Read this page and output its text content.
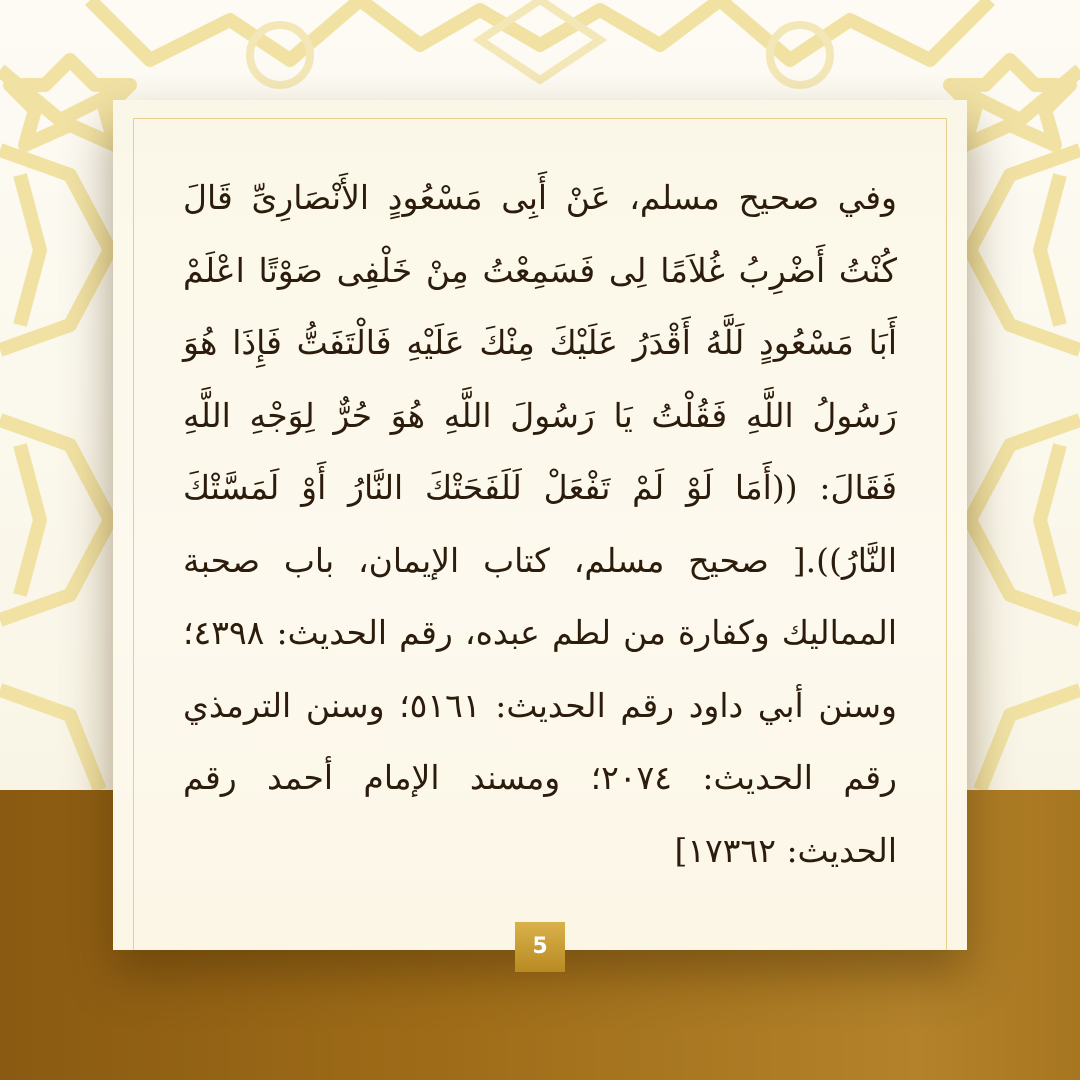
وفي صحيح مسلم، عَنْ أَبِى مَسْعُودٍ الأَنْصَارِىِّ قَالَ كُنْتُ أَضْرِبُ غُلاَمًا لِى فَسَمِعْتُ مِنْ خَلْفِى صَوْتًا اعْلَمْ أَبَا مَسْعُودٍ لَلَّهُ أَقْدَرُ عَلَيْكَ مِنْكَ عَلَيْهِ فَالْتَفَتُّ فَإِذَا هُوَ رَسُولُ اللَّهِ فَقُلْتُ يَا رَسُولَ اللَّهِ هُوَ حُرٌّ لِوَجْهِ اللَّهِ فَقَالَ: ((أَمَا لَوْ لَمْ تَفْعَلْ لَلَفَحَتْكَ النَّارُ أَوْ لَمَسَّتْكَ النَّارُ)).[ صحيح مسلم، كتاب الإيمان، باب صحبة المماليك وكفارة من لطم عبده، رقم الحديث: ٤٣٩٨؛ وسنن أبي داود رقم الحديث: ٥١٦١؛ وسنن الترمذي رقم الحديث: ٢٠٧٤؛ ومسند الإمام أحمد رقم الحديث: ١٧٣٦٢]

5
